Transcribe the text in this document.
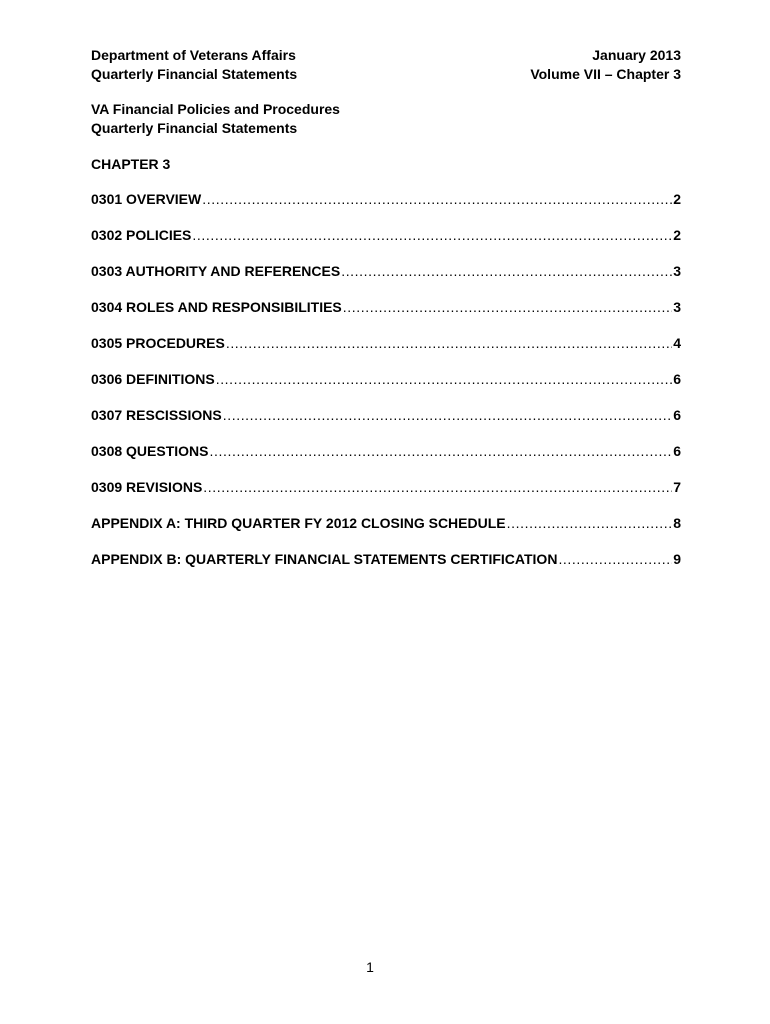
Department of Veterans Affairs
Quarterly Financial Statements
January 2013
Volume VII – Chapter 3
VA Financial Policies and Procedures
Quarterly Financial Statements
CHAPTER 3
0301 OVERVIEW .....	2
0302 POLICIES .....	2
0303 AUTHORITY AND REFERENCES .....	3
0304 ROLES AND RESPONSIBILITIES .....	3
0305 PROCEDURES .....	4
0306 DEFINITIONS .....	6
0307 RESCISSIONS .....	6
0308 QUESTIONS .....	6
0309 REVISIONS .....	7
APPENDIX A: THIRD QUARTER FY 2012 CLOSING SCHEDULE .....	8
APPENDIX B: QUARTERLY FINANCIAL STATEMENTS CERTIFICATION .....	9
1
